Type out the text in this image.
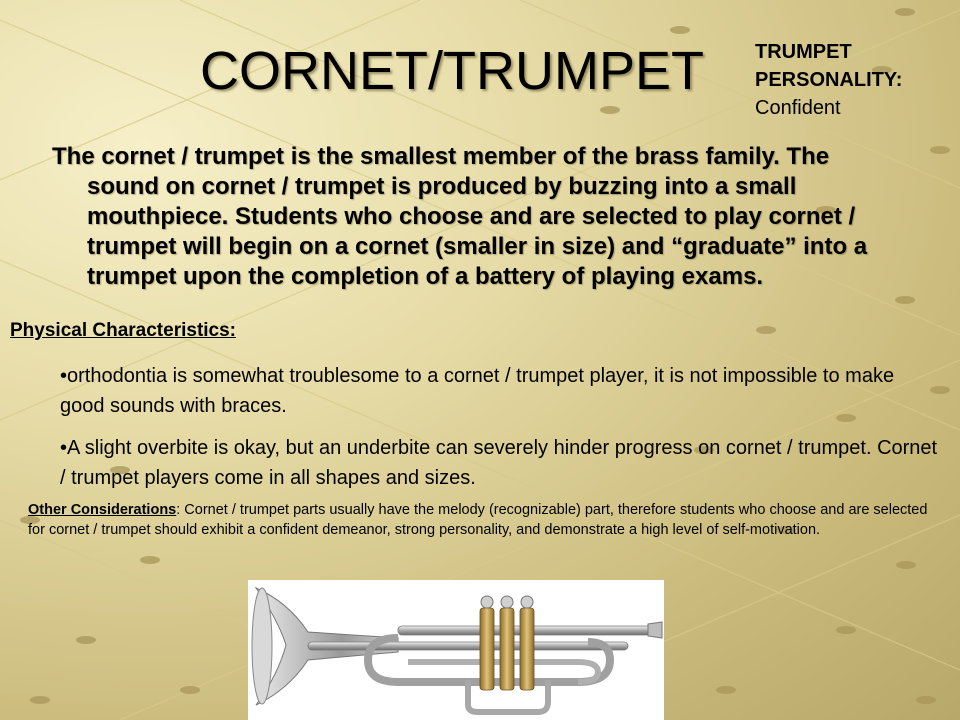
CORNET/TRUMPET	TRUMPET
PERSONALITY:
Confident

The cornet / trumpet is the smallest member of the brass family. The sound on cornet / trumpet is produced by buzzing into a small mouthpiece. Students who choose and are selected to play cornet / trumpet will begin on a cornet (smaller in size) and “graduate” into a trumpet upon the completion of a battery of playing exams.

Physical Characteristics:

•orthodontia is somewhat troublesome to a cornet / trumpet player, it is not impossible to make good sounds with braces.

•A slight overbite is okay, but an underbite can severely hinder progress on cornet / trumpet. Cornet / trumpet players come in all shapes and sizes.

Other Considerations: Cornet / trumpet parts usually have the melody (recognizable) part, therefore students who choose and are selected for cornet / trumpet should exhibit a confident demeanor, strong personality, and demonstrate a high level of self-motivation.
